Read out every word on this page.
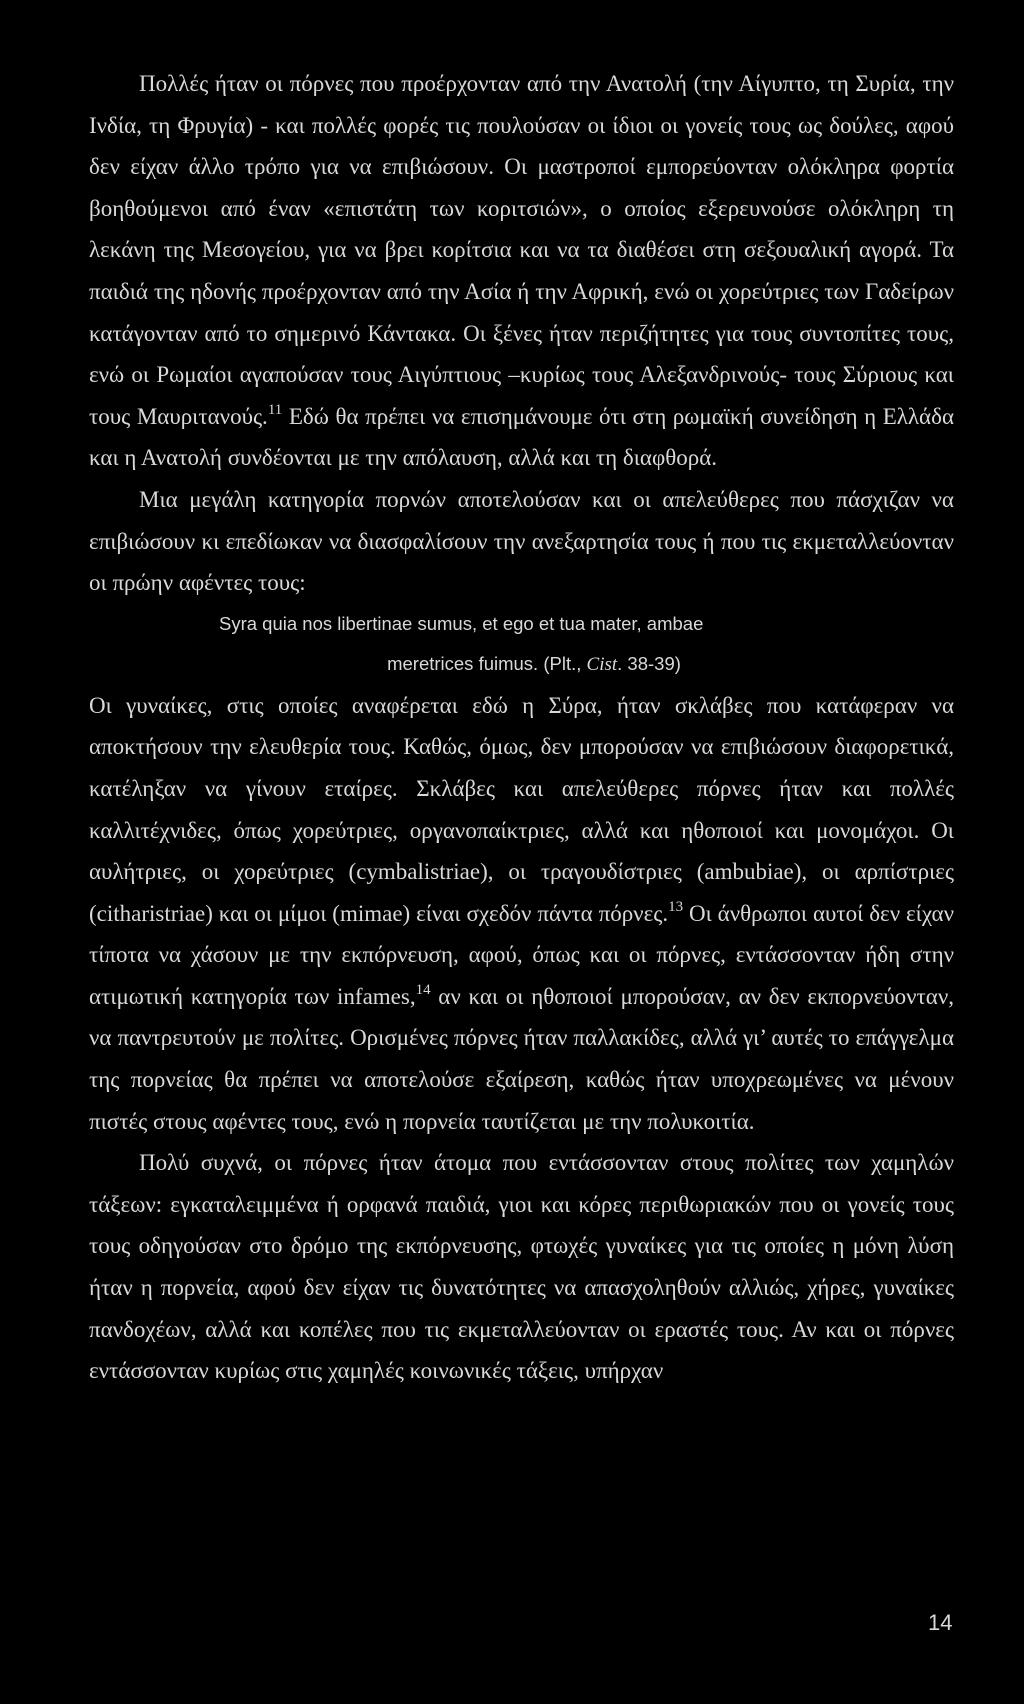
Πολλές ήταν οι πόρνες που προέρχονταν από την Ανατολή (την Αίγυπτο, τη Συρία, την Ινδία, τη Φρυγία) - και πολλές φορές τις πουλούσαν οι ίδιοι οι γονείς τους ως δούλες, αφού δεν είχαν άλλο τρόπο για να επιβιώσουν. Οι μαστροποί εμπορεύονταν ολόκληρα φορτία βοηθούμενοι από έναν «επιστάτη των κοριτσιών», ο οποίος εξερευνούσε ολόκληρη τη λεκάνη της Μεσογείου, για να βρει κορίτσια και να τα διαθέσει στη σεξουαλική αγορά. Τα παιδιά της ηδονής προέρχονταν από την Ασία ή την Αφρική, ενώ οι χορεύτριες των Γαδείρων κατάγονταν από το σημερινό Κάντακα. Οι ξένες ήταν περιζήτητες για τους συντοπίτες τους, ενώ οι Ρωμαίοι αγαπούσαν τους Αιγύπτιους –κυρίως τους Αλεξανδρινούς- τους Σύριους και τους Μαυριτανούς.$^{11}$ Εδώ θα πρέπει να επισημάνουμε ότι στη ρωμαϊκή συνείδηση η Ελλάδα και η Ανατολή συνδέονται με την απόλαυση, αλλά και τη διαφθορά.

Μια μεγάλη κατηγορία πορνών αποτελούσαν και οι απελεύθερες που πάσχιζαν να επιβιώσουν κι επεδίωκαν να διασφαλίσουν την ανεξαρτησία τους ή που τις εκμεταλλεύονταν οι πρώην αφέντες τους:

Syra quia nos libertinae sumus, et ego et tua mater, ambae
meretrices fuimus. (Plt., Cist. 38-39)

Οι γυναίκες, στις οποίες αναφέρεται εδώ η Σύρα, ήταν σκλάβες που κατάφεραν να αποκτήσουν την ελευθερία τους. Καθώς, όμως, δεν μπορούσαν να επιβιώσουν διαφορετικά, κατέληξαν να γίνουν εταίρες. Σκλάβες και απελεύθερες πόρνες ήταν και πολλές καλλιτέχνιδες, όπως χορεύτριες, οργανοπαίκτριες, αλλά και ηθοποιοί και μονομάχοι. Οι αυλήτριες, οι χορεύτριες (cymbalistriae), οι τραγουδίστριες (ambubiae), οι αρπίστριες (citharistriae) και οι μίμοι (mimae) είναι σχεδόν πάντα πόρνες.$^{13}$ Οι άνθρωποι αυτοί δεν είχαν τίποτα να χάσουν με την εκπόρνευση, αφού, όπως και οι πόρνες, εντάσσονταν ήδη στην ατιμωτική κατηγορία των infames,$^{14}$ αν και οι ηθοποιοί μπορούσαν, αν δεν εκπορνεύονταν, να παντρευτούν με πολίτες. Ορισμένες πόρνες ήταν παλλακίδες, αλλά γι’ αυτές το επάγγελμα της πορνείας θα πρέπει να αποτελούσε εξαίρεση, καθώς ήταν υποχρεωμένες να μένουν πιστές στους αφέντες τους, ενώ η πορνεία ταυτίζεται με την πολυκοιτία.

Πολύ συχνά, οι πόρνες ήταν άτομα που εντάσσονταν στους πολίτες των χαμηλών τάξεων: εγκαταλειμμένα ή ορφανά παιδιά, γιοι και κόρες περιθωριακών που οι γονείς τους τους οδηγούσαν στο δρόμο της εκπόρνευσης, φτωχές γυναίκες για τις οποίες η μόνη λύση ήταν η πορνεία, αφού δεν είχαν τις δυνατότητες να απασχοληθούν αλλιώς, χήρες, γυναίκες πανδοχέων, αλλά και κοπέλες που τις εκμεταλλεύονταν οι εραστές τους. Αν και οι πόρνες εντάσσονταν κυρίως στις χαμηλές κοινωνικές τάξεις, υπήρχαν

14
